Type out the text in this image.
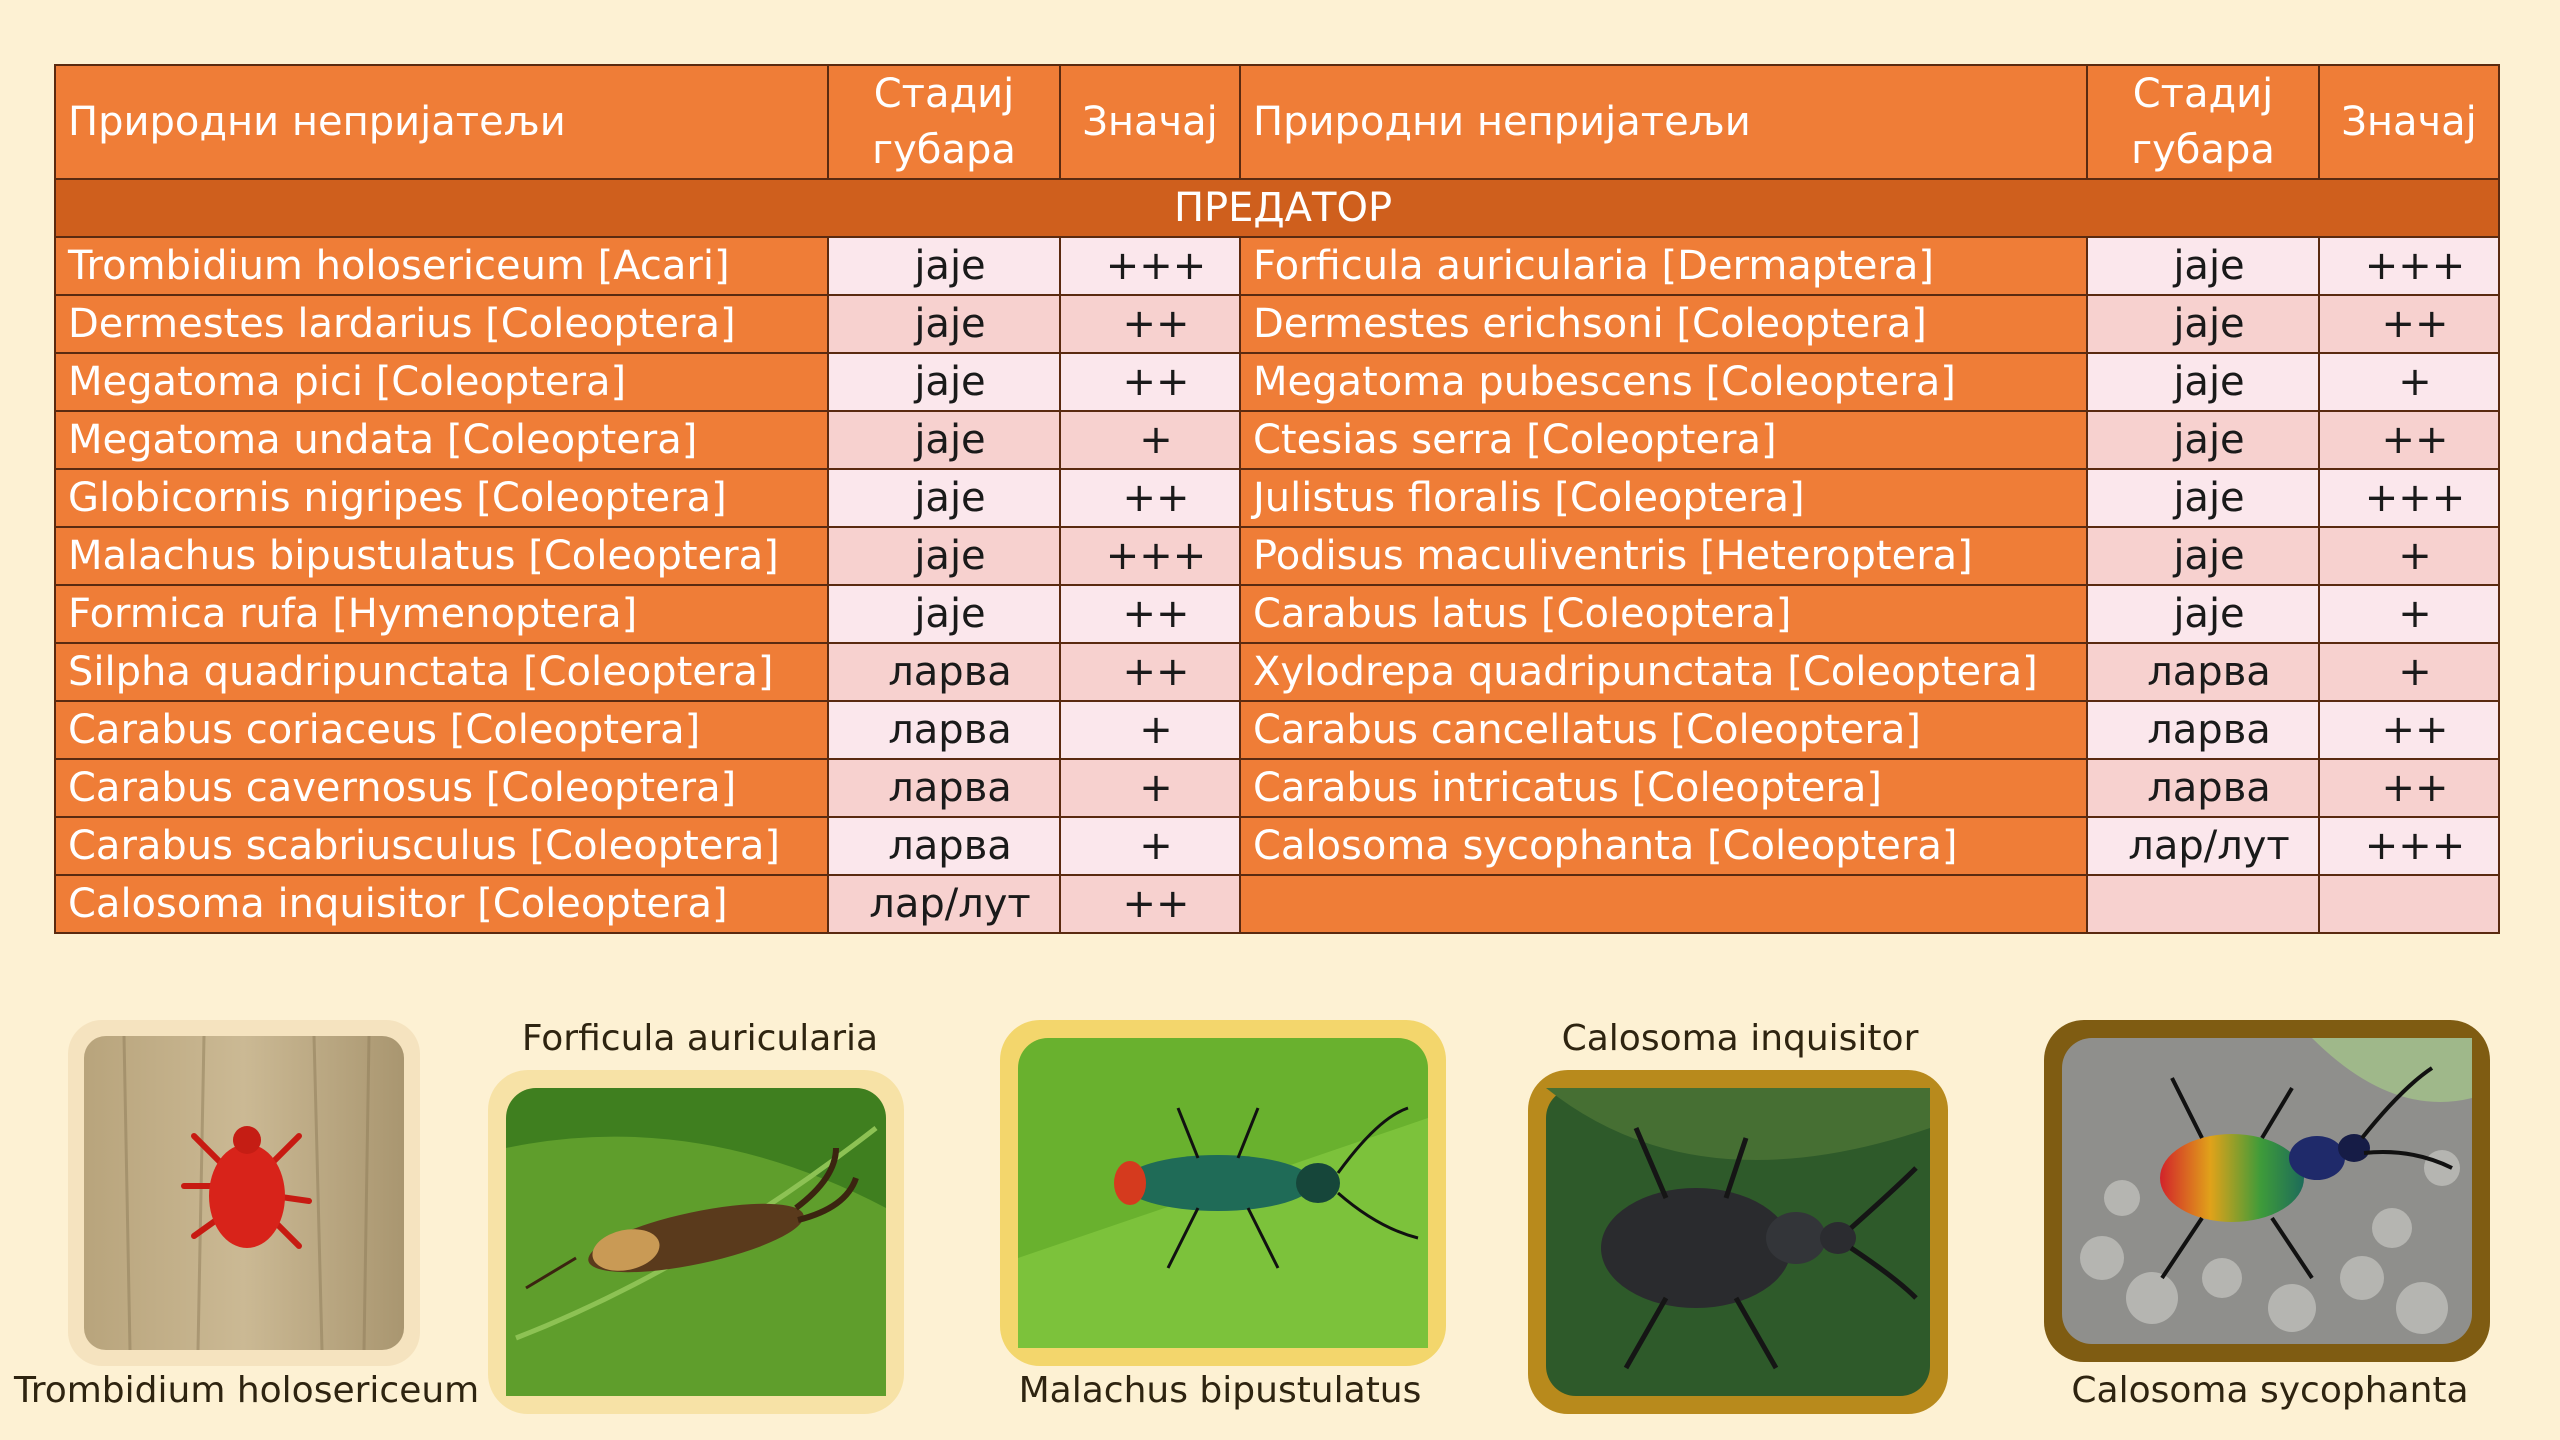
Природни непријатељи	Стадиј губара	Значај	Природни непријатељи	Стадиј губара	Значај
ПРЕДАТОР					
Trombidium holosericeum [Acari]	jaje	+++	Forficula auricularia [Dermaptera]	jaje	+++
Dermestes lardarius [Coleoptera]	jaje	++	Dermestes erichsoni [Coleoptera]	jaje	++
Megatoma pici [Coleoptera]	jaje	++	Megatoma pubescens [Coleoptera]	jaje	+
Megatoma undata [Coleoptera]	jaje	+	Ctesias serra [Coleoptera]	jaje	++
Globicornis nigripes [Coleoptera]	jaje	++	Julistus floralis [Coleoptera]	jaje	+++
Malachus bipustulatus [Coleoptera]	jaje	+++	Podisus maculiventris [Heteroptera]	jaje	+
Formica rufa [Hymenoptera]	jaje	++	Carabus latus [Coleoptera]	jaje	+
Silpha quadripunctata [Coleoptera]	ларва	++	Xylodrepa quadripunctata [Coleoptera]	ларва	+
Carabus coriaceus [Coleoptera]	ларва	+	Carabus cancellatus [Coleoptera]	ларва	++
Carabus cavernosus [Coleoptera]	ларва	+	Carabus intricatus [Coleoptera]	ларва	++
Carabus scabriusculus [Coleoptera]	ларва	+	Calosoma sycophanta [Coleoptera]	лар/лут	+++
Calosoma inquisitor [Coleoptera]	лар/лут	++			
Trombidium holosericeum
Forficula auricularia
Malachus bipustulatus
Calosoma inquisitor
Calosoma sycophanta
